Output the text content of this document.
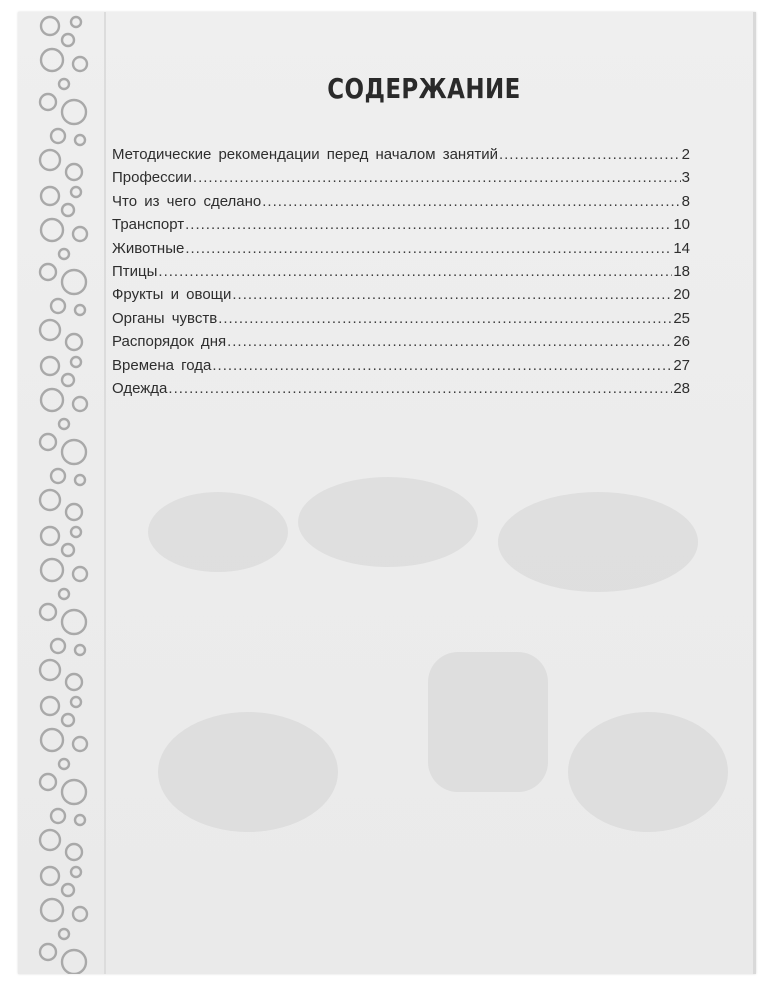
СОДЕРЖАНИЕ
Методические рекомендации перед началом занятий .....	2
Профессии .....	3
Что из чего сделано .....	8
Транспорт .....	10
Животные .....	14
Птицы .....	18
Фрукты и овощи .....	20
Органы чувств .....	25
Распорядок дня .....	26
Времена года .....	27
Одежда .....	28
